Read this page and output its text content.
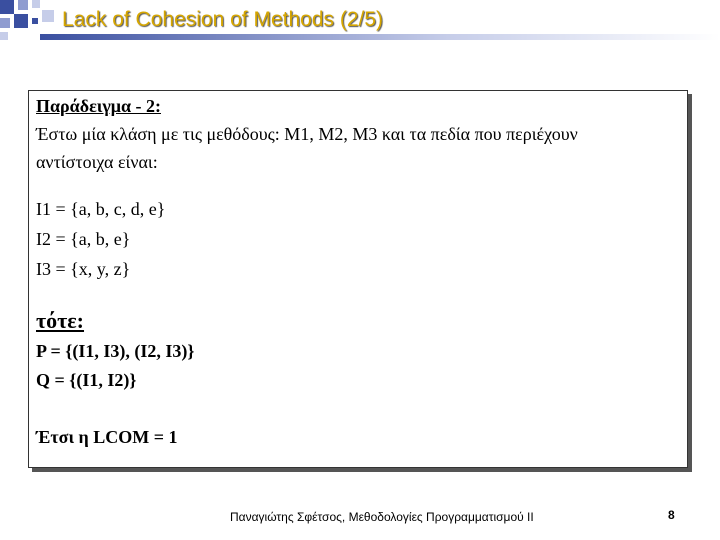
Lack of Cohesion of Methods (2/5)
Παράδειγμα - 2:
Έστω μία κλάση με τις μεθόδους: M1, M2, M3 και τα πεδία που περιέχουν
αντίστοιχα είναι:
I1 = {a, b, c, d, e}
I2 = {a, b, e}
I3 = {x, y, z}
τότε:
P = {(I1, I3), (I2, I3)}
Q = {(I1, I2)}
Έτσι η LCOM = 1
Παναγιώτης Σφέτσος, Μεθοδολογίες Προγραμματισμού II	8
